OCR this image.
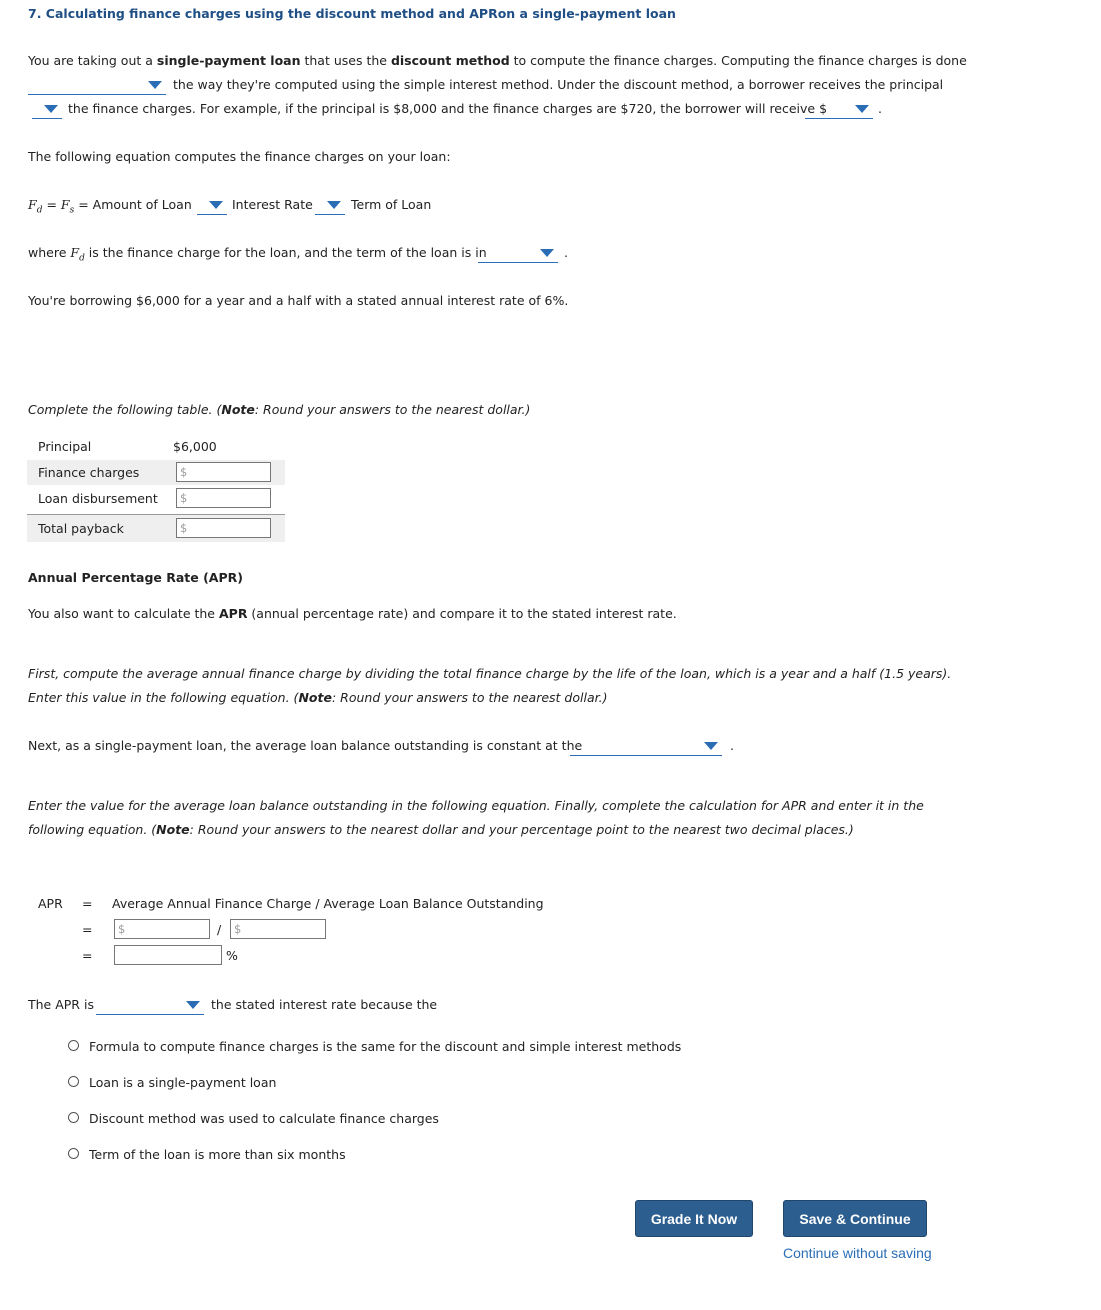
7. Calculating finance charges using the discount method and APRon a single-payment loan
You are taking out a single-payment loan that uses the discount method to compute the finance charges. Computing the finance charges is done
the way they're computed using the simple interest method. Under the discount method, a borrower receives the principal
the finance charges. For example, if the principal is $8,000 and the finance charges are $720, the borrower will receive $	.
The following equation computes the finance charges on your loan:
$F_d = F_s$ = Amount of Loan	Interest Rate	Term of Loan
where $F_d$ is the finance charge for the loan, and the term of the loan is in	.
You're borrowing $6,000 for a year and a half with a stated annual interest rate of 6%.
Complete the following table. (Note: Round your answers to the nearest dollar.)
Principal	$6,000
Finance charges	$
Loan disbursement $
Total payback	$
Annual Percentage Rate (APR)
You also want to calculate the APR (annual percentage rate) and compare it to the stated interest rate.
First, compute the average annual finance charge by dividing the total finance charge by the life of the loan, which is a year and a half (1.5 years).
Enter this value in the following equation. (Note: Round your answers to the nearest dollar.)
Next, as a single-payment loan, the average loan balance outstanding is constant at the	.
Enter the value for the average loan balance outstanding in the following equation. Finally, complete the calculation for APR and enter it in the
following equation. (Note: Round your answers to the nearest dollar and your percentage point to the nearest two decimal places.)
APR = Average Annual Finance Charge / Average Loan Balance Outstanding
= $	/ $
=	%
The APR is	the stated interest rate because the
Formula to compute finance charges is the same for the discount and simple interest methods
Loan is a single-payment loan
Discount method was used to calculate finance charges
Term of the loan is more than six months
Grade It Now	Save & Continue
Continue without saving
